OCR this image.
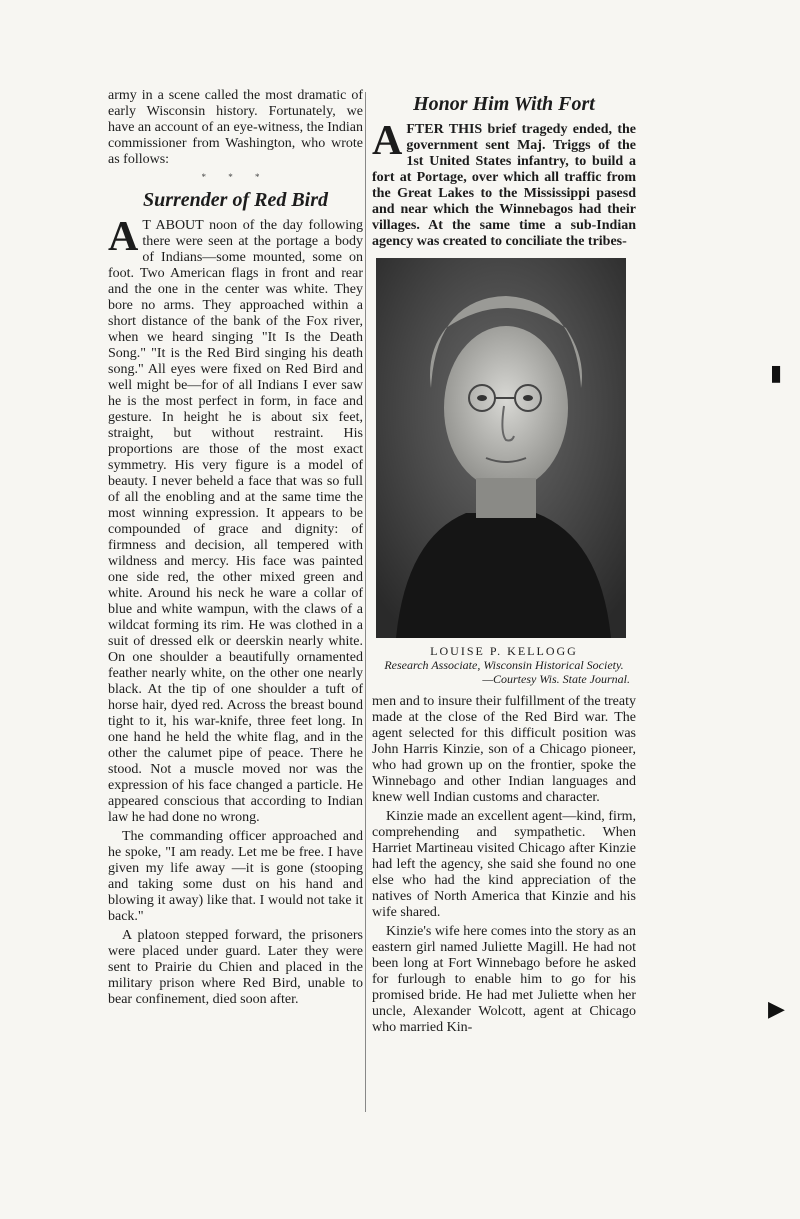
army in a scene called the most dramatic of early Wisconsin history. Fortunately, we have an account of an eye-witness, the Indian commissioner from Washington, who wrote as follows:

* * *
Surrender of Red Bird

A T ABOUT noon of the day following there were seen at the portage a body of Indians—some mounted, some on foot. Two American flags in front and rear and the one in the center was white. They bore no arms. They approached within a short distance of the bank of the Fox river, when we heard singing "It Is the Death Song." "It is the Red Bird singing his death song." All eyes were fixed on Red Bird and well might be—for of all Indians I ever saw he is the most perfect in form, in face and gesture. In height he is about six feet, straight, but without restraint. His proportions are those of the most exact symmetry. His very figure is a model of beauty. I never beheld a face that was so full of all the enobling and at the same time the most winning expression. It appears to be compounded of grace and dignity: of firmness and decision, all tempered with wildness and mercy. His face was painted one side red, the other mixed green and white. Around his neck he ware a collar of blue and white wampun, with the claws of a wildcat forming its rim. He was clothed in a suit of dressed elk or deerskin nearly white. On one shoulder a beautifully ornamented feather nearly white, on the other one nearly black. At the tip of one shoulder a tuft of horse hair, dyed red. Across the breast bound tight to it, his war-knife, three feet long. In one hand he held the white flag, and in the other the calumet pipe of peace. There he stood. Not a muscle moved nor was the expression of his face changed a particle. He appeared conscious that according to Indian law he had done no wrong.

The commanding officer approached and he spoke, "I am ready. Let me be free. I have given my life away —it is gone (stooping and taking some dust on his hand and blowing it away) like that. I would not take it back."

A platoon stepped forward, the prisoners were placed under guard. Later they were sent to Prairie du Chien and placed in the military prison where Red Bird, unable to bear confinement, died soon after.

Honor Him With Fort

AFTER THIS brief tragedy ended, the government sent Maj. Triggs of the 1st United States infantry, to build a fort at Portage, over which all traffic from the Great Lakes to the Mississippi pasesd and near which the Winnebagos had their villages. At the same time a sub-Indian agency was created to conciliate the tribes-

LOUISE P. KELLOGG
Research Associate, Wisconsin Historical Society.
—Courtesy Wis. State Journal.

men and to insure their fulfillment of the treaty made at the close of the Red Bird war. The agent selected for this difficult position was John Harris Kinzie, son of a Chicago pioneer, who had grown up on the frontier, spoke the Winnebago and other Indian languages and knew well Indian customs and character.

Kinzie made an excellent agent—kind, firm, comprehending and sympathetic. When Harriet Martineau visited Chicago after Kinzie had left the agency, she said she found no one else who had the kind appreciation of the natives of North America that Kinzie and his wife shared.

Kinzie's wife here comes into the story as an eastern girl named Juliette Magill. He had not been long at Fort Winnebago before he asked for furlough to enable him to go for his promised bride. He had met Juliette when her uncle, Alexander Wolcott, agent at Chicago who married Kin-

▮
▶
